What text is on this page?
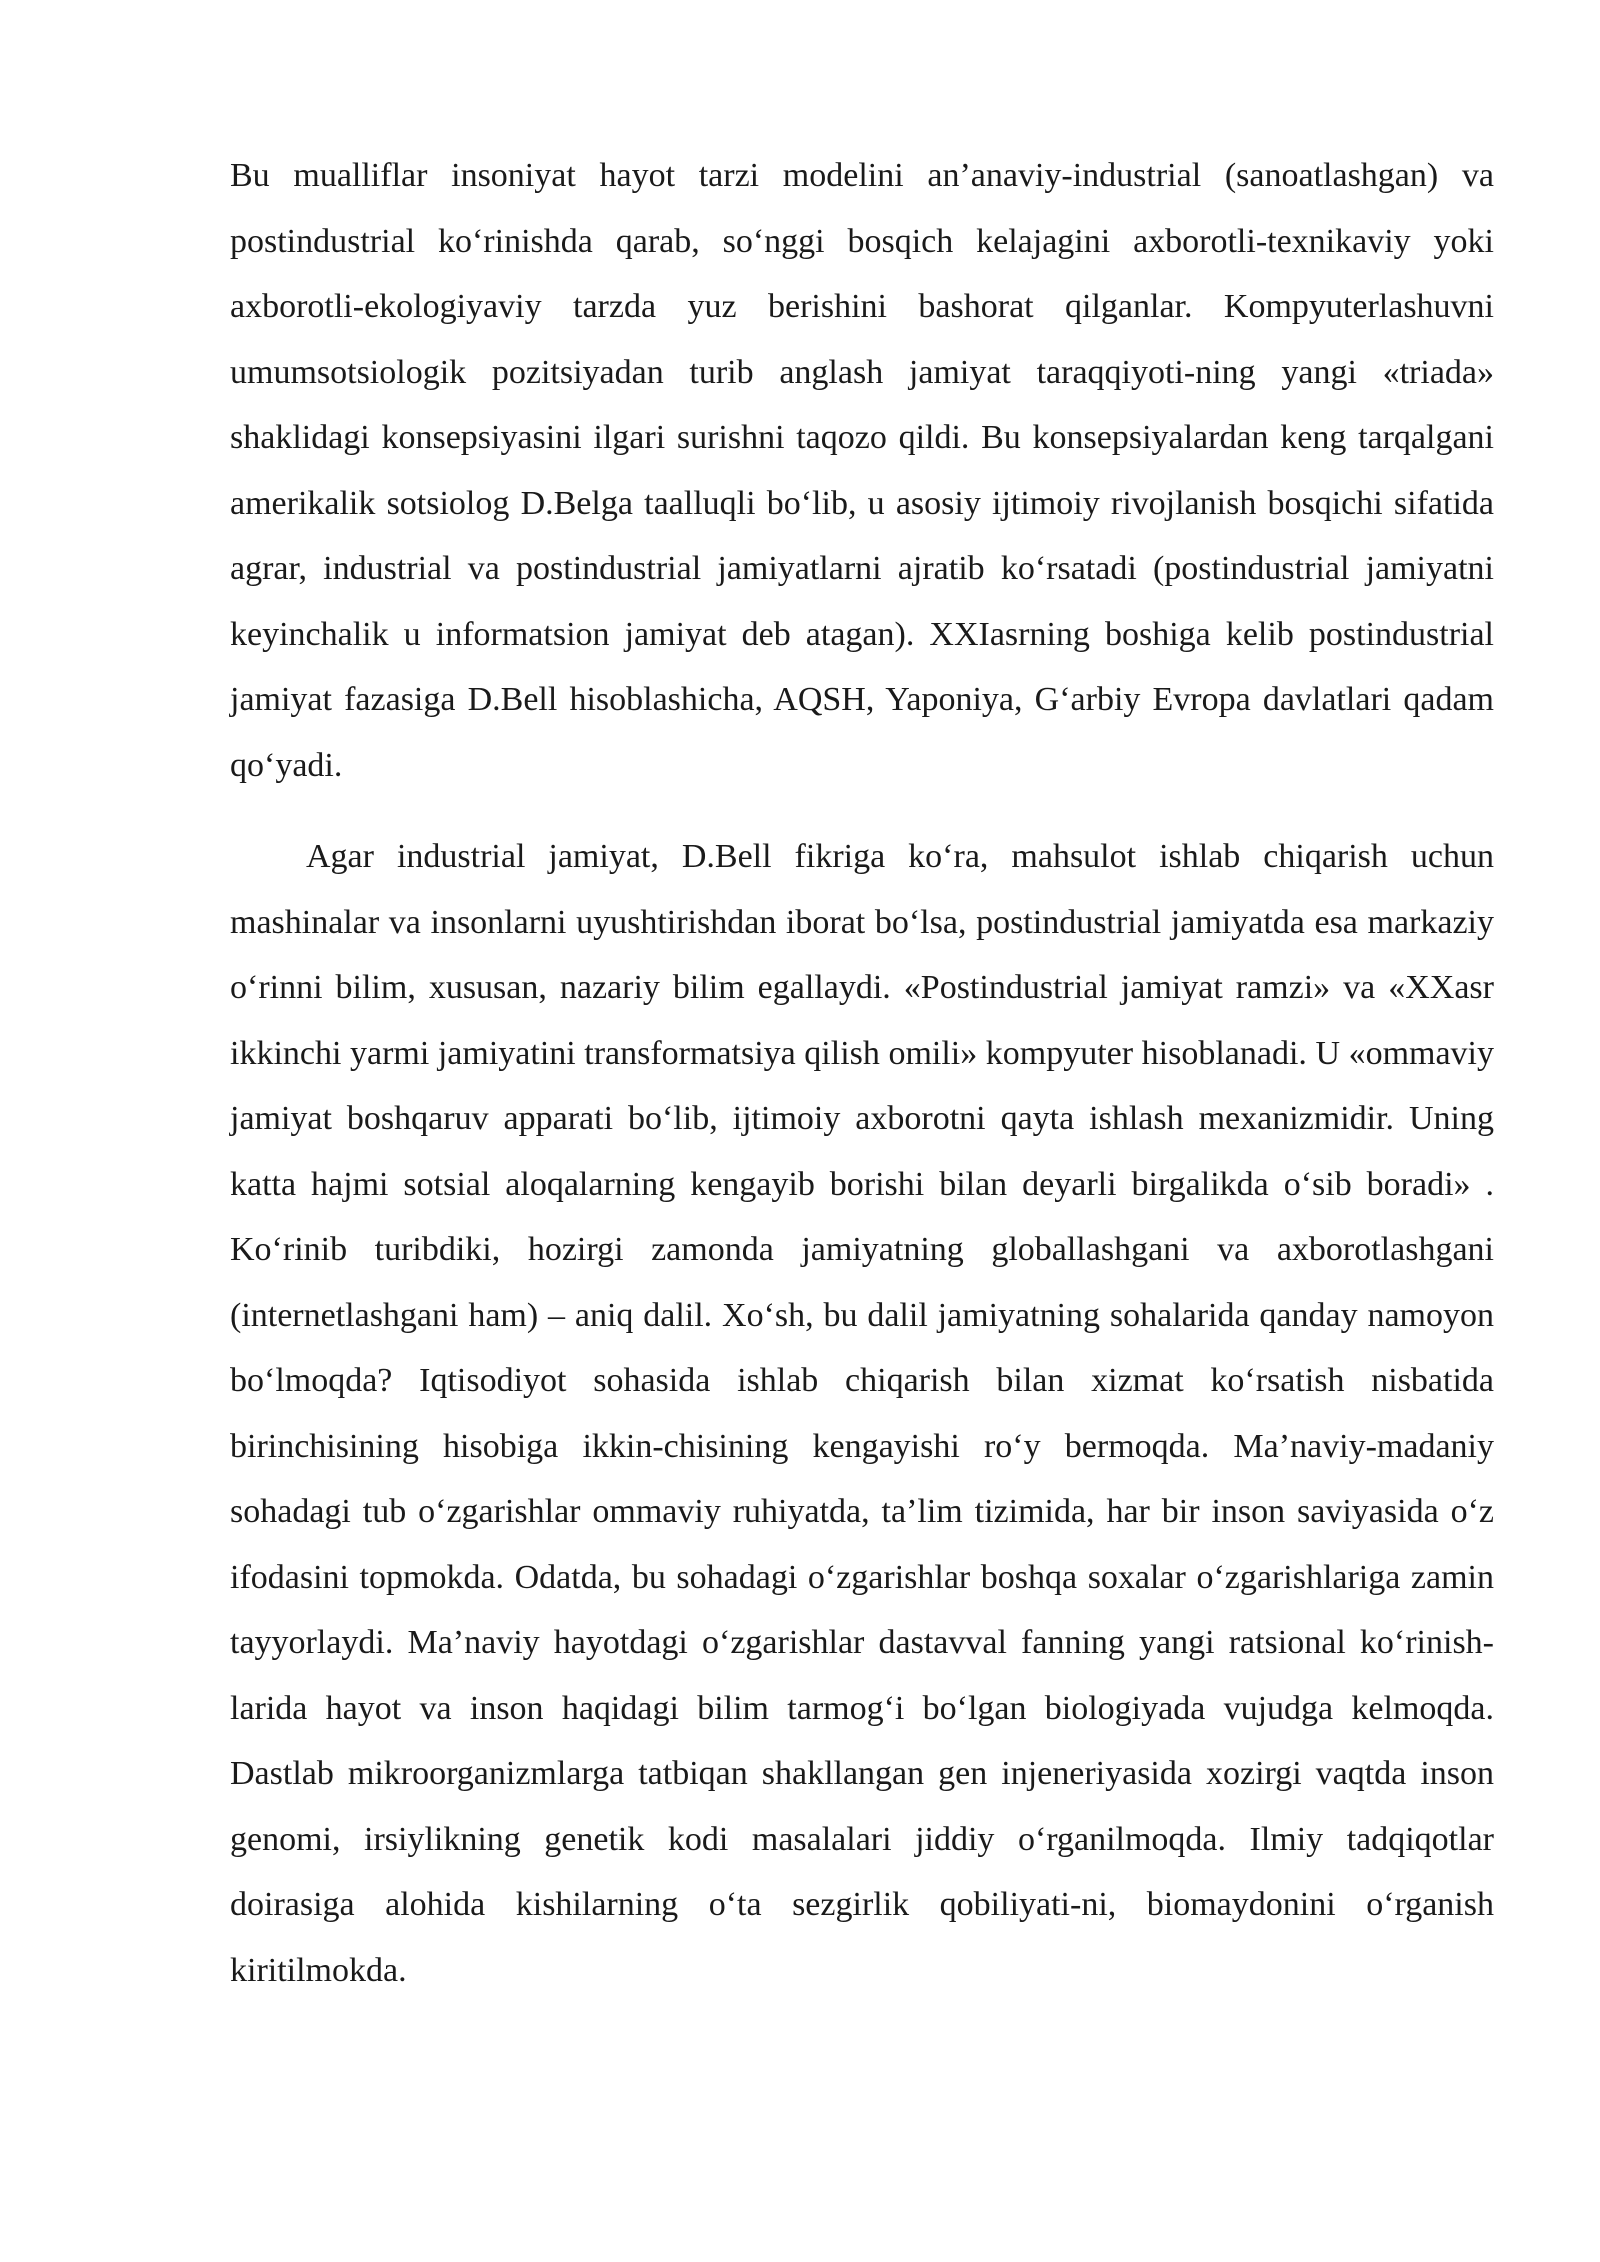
Bu mualliflar insoniyat hayot tarzi modelini an’anaviy-industrial (sanoatlashgan) va postindustrial ko‘rinishda qarab, so‘nggi bosqich kelajagini axborotli-texnikaviy yoki axborotli-ekologiyaviy tarzda yuz berishini bashorat qilganlar. Kompyuterlashuvni umumsotsiologik pozitsiyadan turib anglash jamiyat taraqqiyoti-ning yangi «triada» shaklidagi konsepsiyasini ilgari surishni taqozo qildi. Bu konsepsiyalardan keng tarqalgani amerikalik sotsiolog D.Belga taalluqli bo‘lib, u asosiy ijtimoiy rivojlanish bosqichi sifatida agrar, industrial va postindustrial jamiyatlarni ajratib ko‘rsatadi (postindustrial jamiyatni keyinchalik u informatsion jamiyat deb atagan). XXIasrning boshiga kelib postindustrial jamiyat fazasiga D.Bell hisoblashicha, AQSH, Yaponiya, G‘arbiy Evropa davlatlari qadam qo‘yadi.

Agar industrial jamiyat, D.Bell fikriga ko‘ra, mahsulot ishlab chiqarish uchun mashinalar va insonlarni uyushtirishdan iborat bo‘lsa, postindustrial jamiyatda esa markaziy o‘rinni bilim, xususan, nazariy bilim egallaydi. «Postindustrial jamiyat ramzi» va «XXasr ikkinchi yarmi jamiyatini transformatsiya qilish omili» kompyuter hisoblanadi. U «ommaviy jamiyat boshqaruv apparati bo‘lib, ijtimoiy axborotni qayta ishlash mexanizmidir. Uning katta hajmi sotsial aloqalarning kengayib borishi bilan deyarli birgalikda o‘sib boradi» . Ko‘rinib turibdiki, hozirgi zamonda jamiyatning globallashgani va axborotlashgani (internetlashgani ham) – aniq dalil. Xo‘sh, bu dalil jamiyatning sohalarida qanday namoyon bo‘lmoqda? Iqtisodiyot sohasida ishlab chiqarish bilan xizmat ko‘rsatish nisbatida birinchisining hisobiga ikkin-chisining kengayishi ro‘y bermoqda. Ma’naviy-madaniy sohadagi tub o‘zgarishlar ommaviy ruhiyatda, ta’lim tizimida, har bir inson saviyasida o‘z ifodasini topmokda. Odatda, bu sohadagi o‘zgarishlar boshqa soxalar o‘zgarishlariga zamin tayyorlaydi. Ma’naviy hayotdagi o‘zgarishlar dastavval fanning yangi ratsional ko‘rinish-larida hayot va inson haqidagi bilim tarmog‘i bo‘lgan biologiyada vujudga kelmoqda. Dastlab mikroorganizmlarga tatbiqan shakllangan gen injeneriyasida xozirgi vaqtda inson genomi, irsiylikning genetik kodi masalalari jiddiy o‘rganilmoqda. Ilmiy tadqiqotlar doirasiga alohida kishilarning o‘ta sezgirlik qobiliyati-ni, biomaydonini o‘rganish kiritilmokda.
